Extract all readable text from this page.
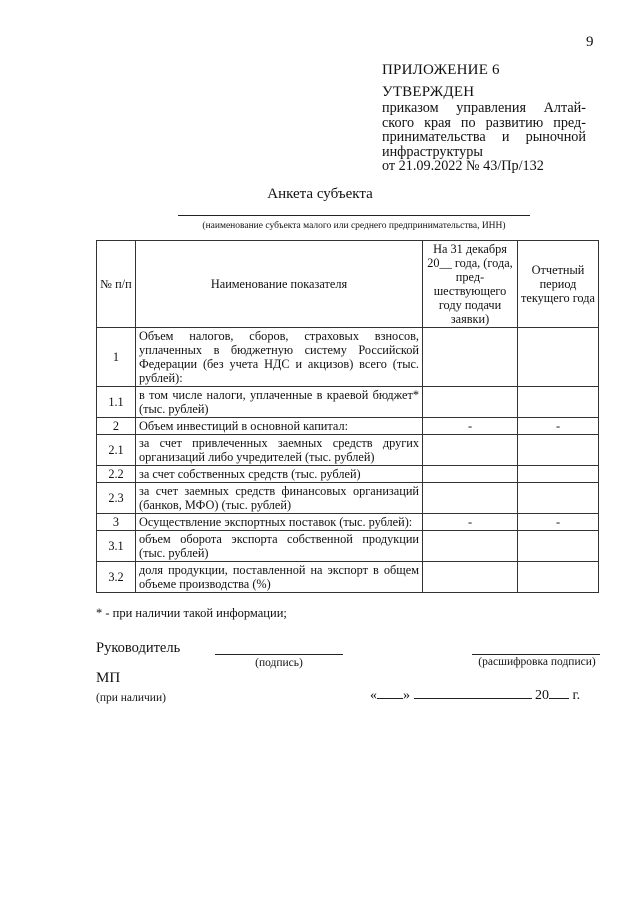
9
ПРИЛОЖЕНИЕ 6
УТВЕРЖДЕН
приказом управления Алтай-
ского края по развитию пред-
принимательства и рыночной
инфраструктуры
от 21.09.2022 № 43/Пр/132
Анкета субъекта
(наименование субъекта малого или среднего предпринимательства, ИНН)
№ п/п	Наименование показателя	На 31 декабря 20__ года, (года, пред-шествующего году подачи заявки)	Отчетный период текущего года
1	Объем налогов, сборов, страховых взносов, уплаченных в бюджетную систему Российской Федерации (без учета НДС и акцизов) всего (тыс. рублей):		
1.1	в том числе налоги, уплаченные в краевой бюджет* (тыс. рублей)		
2	Объем инвестиций в основной капитал:	-	-
2.1	за счет привлеченных заемных средств других организаций либо учредителей (тыс. рублей)		
2.2	за счет собственных средств (тыс. рублей)		
2.3	за счет заемных средств финансовых организаций (банков, МФО) (тыс. рублей)		
3	Осуществление экспортных поставок (тыс. рублей):	-	-
3.1	объем оборота экспорта собственной продукции (тыс. рублей)		
3.2	доля продукции, поставленной на экспорт в общем объеме производства (%)		
* - при наличии такой информации;
Руководитель
(подпись)	(расшифровка подписи)
МП
(при наличии)	« »	20 г.
